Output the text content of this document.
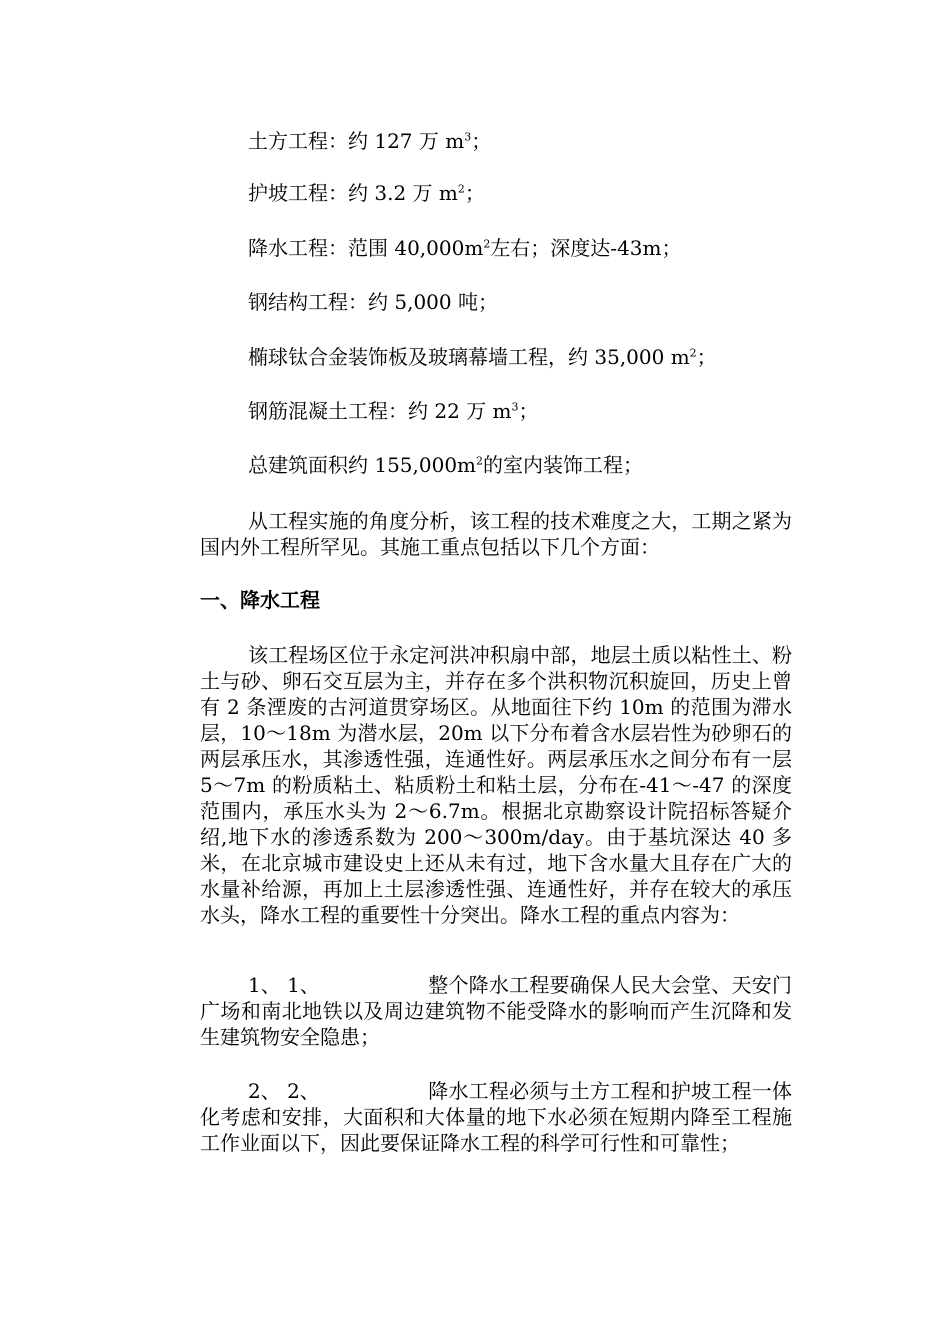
土方工程：约 127 万 $m^3$；
护坡工程：约 3.2 万 $m^2$；
降水工程：范围 $40,000m^2$左右；深度达-43m；
钢结构工程：约 5,000 吨；
椭球钛合金装饰板及玻璃幕墙工程，约 35,000 $m^2$；
钢筋混凝土工程：约 22 万 $m^3$；
总建筑面积约 $155,000m^2$的室内装饰工程；
从工程实施的角度分析，该工程的技术难度之大，工期之紧为国内外工程所罕见。其施工重点包括以下几个方面：
一、降水工程
该工程场区位于永定河洪冲积扇中部，地层土质以粘性土、粉土与砂、卵石交互层为主，并存在多个洪积物沉积旋回，历史上曾有 2 条湮废的古河道贯穿场区。从地面往下约 10m 的范围为滞水层，10～18m 为潜水层，20m 以下分布着含水层岩性为砂卵石的两层承压水，其渗透性强，连通性好。两层承压水之间分布有一层 5～7m 的粉质粘土、粘质粉土和粘土层，分布在-41～-47 的深度范围内，承压水头为 2～6.7m。根据北京勘察设计院招标答疑介绍,地下水的渗透系数为 200～300m/day。由于基坑深达 40 多米，在北京城市建设史上还从未有过，地下含水量大且存在广大的水量补给源，再加上土层渗透性强、连通性好，并存在较大的承压水头，降水工程的重要性十分突出。降水工程的重点内容为：
1、 1、	整个降水工程要确保人民大会堂、天安门广场和南北地铁以及周边建筑物不能受降水的影响而产生沉降和发生建筑物安全隐患；
2、 2、	降水工程必须与土方工程和护坡工程一体化考虑和安排，大面积和大体量的地下水必须在短期内降至工程施工作业面以下，因此要保证降水工程的科学可行性和可靠性；
